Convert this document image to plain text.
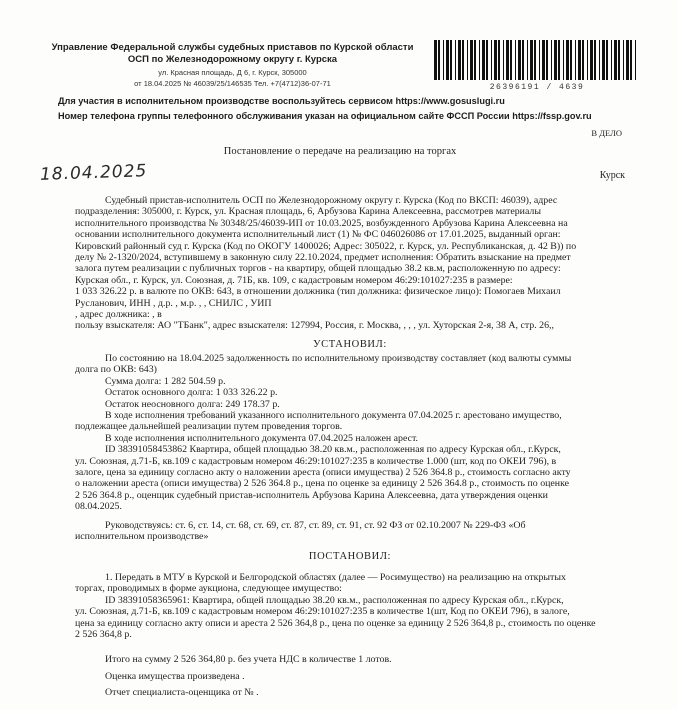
Управление Федеральной службы судебных приставов по Курской области
ОСП по Железнодорожному округу г. Курска
ул. Красная площадь, Д 6, г. Курск, 305000
от 18.04.2025 № 46039/25/146535 Тел. +7(4712)36-07-71	26396191 / 4639
Для участия в исполнительном производстве воспользуйтесь сервисом https://www.gosuslugi.ru
Номер телефона группы телефонного обслуживания указан на официальном сайте ФССП России https://fssp.gov.ru
В ДЕЛО
Постановление о передаче на реализацию на торгах
18.04.2025	Курск

Судебный пристав-исполнитель ОСП по Железнодорожному округу г. Курска (Код по ВКСП: 46039), адрес

подразделения: 305000, г. Курск, ул. Красная площадь, 6, Арбузова Карина Алексеевна, рассмотрев материалы

исполнительного производства № 30348/25/46039-ИП от 10.03.2025, возбужденного Арбузова Карина Алексеевна на

основании исполнительного документа исполнительный лист (1) № ФС 046026086 от 17.01.2025, выданный орган:

Кировский районный суд г. Курска (Код по ОКОГУ 1400026; Адрес: 305022, г. Курск, ул. Республиканская, д. 42 В)) по

делу № 2-1320/2024, вступившему в законную силу 22.10.2024, предмет исполнения: Обратить взыскание на предмет

залога путем реализации с публичных торгов - на квартиру, общей площадью 38.2 кв.м, расположенную по адресу:

Курская обл., г. Курск, ул. Союзная, д. 71Б, кв. 109, с кадастровым номером 46:29:101027:235 в размере:

1 033 326.22 р. в валюте по ОКВ: 643, в отношении должника (тип должника: физическое лицо): Помогаев Михаил

Русланович, ИНН , д.р. , м.р. , , СНИЛС , УИП

, адрес должника: , в

пользу взыскателя: АО "ТБанк", адрес взыскателя: 127994, Россия, г. Москва, , , , ул. Хуторская 2-я, 38 А, стр. 26,,

УСТАНОВИЛ:

По состоянию на 18.04.2025 задолженность по исполнительному производству составляет (код валюты суммы

долга по ОКВ: 643)

Сумма долга: 1 282 504.59 р.

Остаток основного долга: 1 033 326.22 р.

Остаток неосновного долга: 249 178.37 р.

В ходе исполнения требований указанного исполнительного документа 07.04.2025 г. арестовано имущество,

подлежащее дальнейшей реализации путем проведения торгов.

В ходе исполнения исполнительного документа 07.04.2025 наложен арест.

ID 38391058453862 Квартира, общей площадью 38.20 кв.м., расположенная по адресу Курская обл., г.Курск,

ул. Союзная, д.71-Б, кв.109 с кадастровым номером 46:29:101027:235 в количестве 1.000 (шт, код по ОКЕИ 796), в

залоге, цена за единицу согласно акту о наложении ареста (описи имущества) 2 526 364.8 р., стоимость согласно акту

о наложении ареста (описи имущества) 2 526 364.8 р., цена по оценке за единицу 2 526 364.8 р., стоимость по оценке

2 526 364.8 р., оценщик судебный пристав-исполнитель Арбузова Карина Алексеевна, дата утверждения оценки

08.04.2025.

Руководствуясь: ст. 6, ст. 14, ст. 68, ст. 69, ст. 87, ст. 89, ст. 91, ст. 92 ФЗ от 02.10.2007 № 229-ФЗ «Об

исполнительном производстве»

ПОСТАНОВИЛ:

1. Передать в МТУ в Курской и Белгородской областях (далее — Росимущество) на реализацию на открытых

торгах, проводимых в форме аукциона, следующее имущество:

ID 38391058365961: Квартира, общей площадью 38.20 кв.м., расположенная по адресу Курская обл., г.Курск,

ул. Союзная, д.71-Б, кв.109 с кадастровым номером 46:29:101027:235 в количестве 1(шт, Код по ОКЕИ 796), в залоге,

цена за единицу согласно акту описи и ареста 2 526 364,8 р., цена по оценке за единицу 2 526 364,8 р., стоимость по оценке

2 526 364,8 р.

Итого на сумму 2 526 364,80 р. без учета НДС в количестве 1 лотов.

Оценка имущества произведена .

Отчет специалиста-оценщика от № .
